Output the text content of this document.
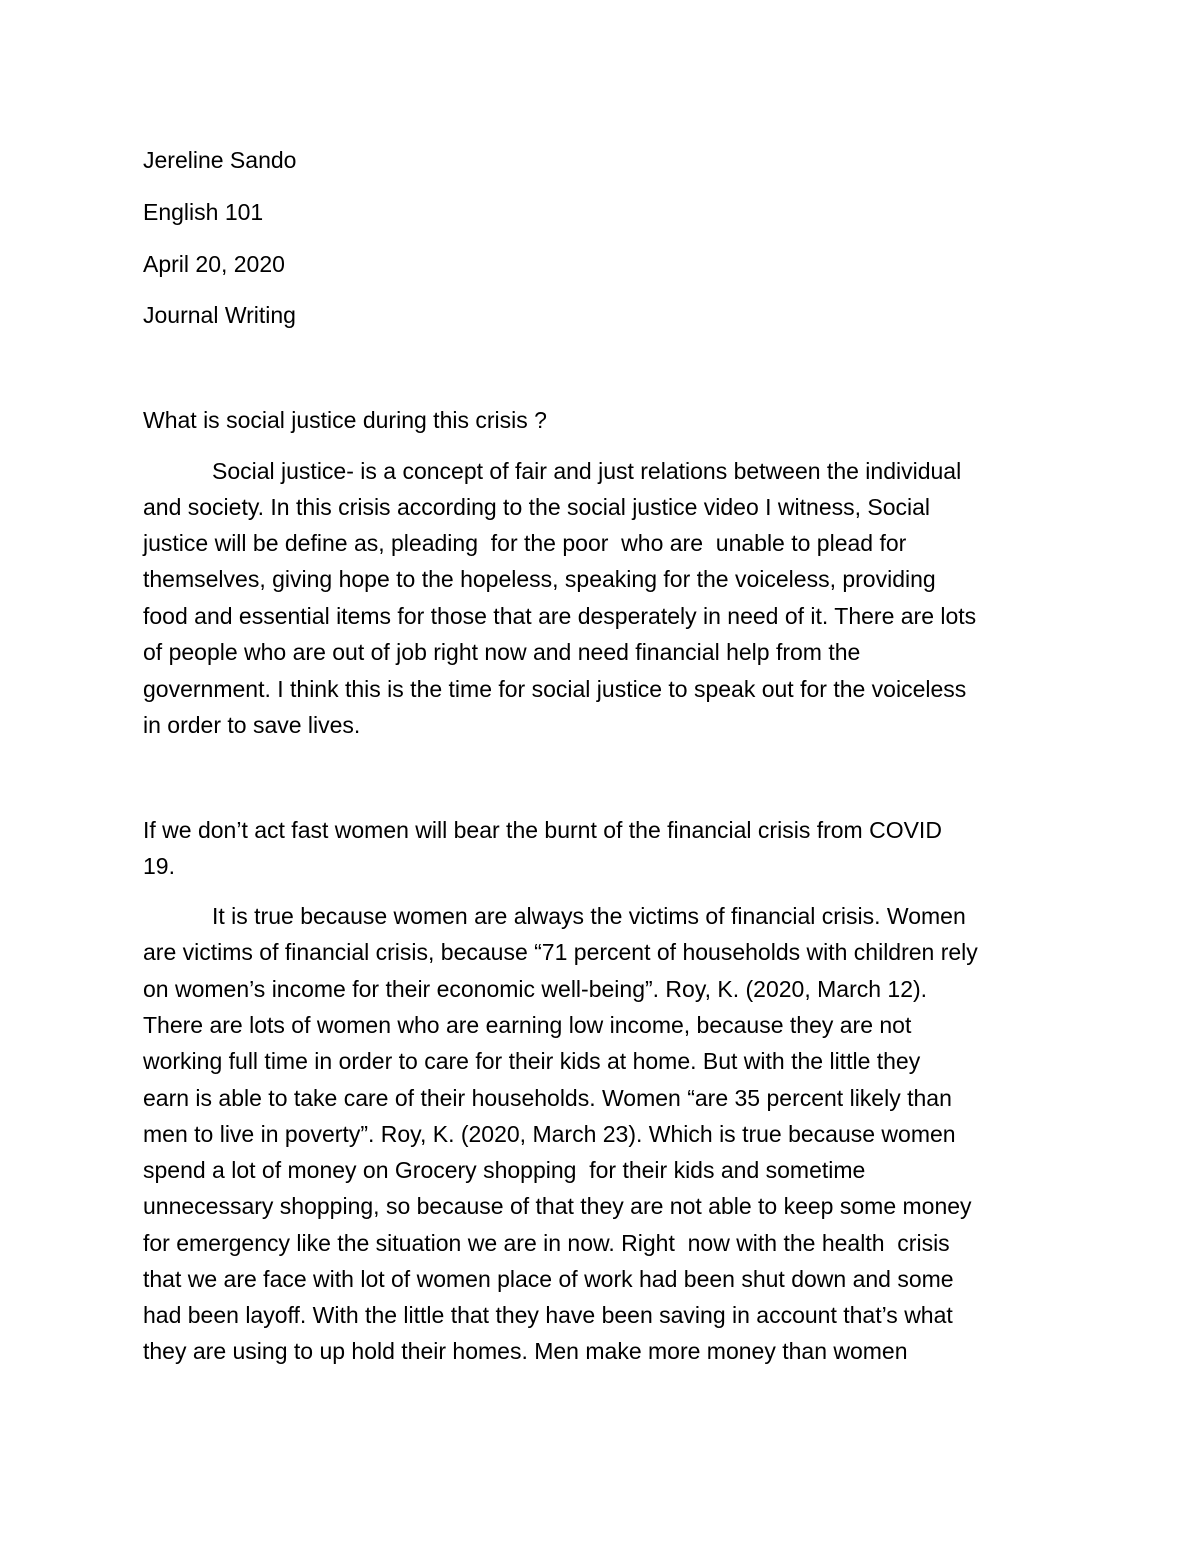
Jereline Sando

English 101

April 20, 2020

Journal Writing

What is social justice during this crisis ?

Social justice- is a concept of fair and just relations between the individual

and society. In this crisis according to the social justice video I witness, Social

justice will be define as, pleading  for the poor  who are  unable to plead for

themselves, giving hope to the hopeless, speaking for the voiceless, providing

food and essential items for those that are desperately in need of it. There are lots

of people who are out of job right now and need financial help from the

government. I think this is the time for social justice to speak out for the voiceless

in order to save lives.

If we don’t act fast women will bear the burnt of the financial crisis from COVID

19.

It is true because women are always the victims of financial crisis. Women

are victims of financial crisis, because “71 percent of households with children rely

on women’s income for their economic well-being”. Roy, K. (2020, March 12).

There are lots of women who are earning low income, because they are not

working full time in order to care for their kids at home. But with the little they

earn is able to take care of their households. Women “are 35 percent likely than

men to live in poverty”. Roy, K. (2020, March 23). Which is true because women

spend a lot of money on Grocery shopping  for their kids and sometime

unnecessary shopping, so because of that they are not able to keep some money

for emergency like the situation we are in now. Right  now with the health  crisis

that we are face with lot of women place of work had been shut down and some

had been layoff. With the little that they have been saving in account that’s what

they are using to up hold their homes. Men make more money than women
